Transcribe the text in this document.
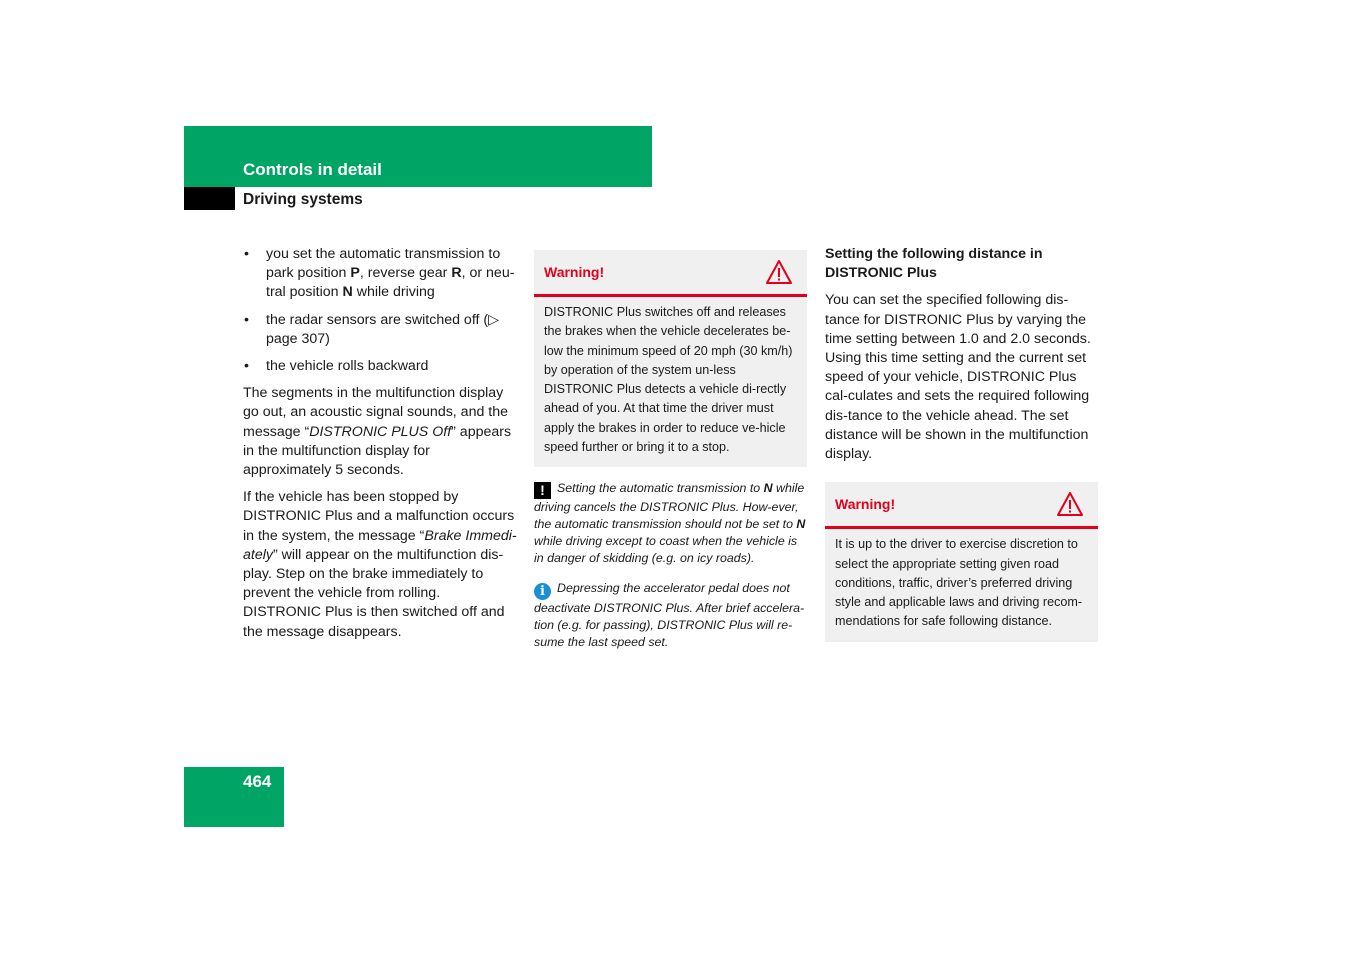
Controls in detail
Driving systems
• you set the automatic transmission to park position P, reverse gear R, or neu-tral position N while driving
• the radar sensors are switched off (▷ page 307)
• the vehicle rolls backward

The segments in the multifunction display go out, an acoustic signal sounds, and the message “DISTRONIC PLUS Off” appears in the multifunction display for approximately 5 seconds.

If the vehicle has been stopped by DISTRONIC Plus and a malfunction occurs in the system, the message “Brake Immedi-ately” will appear on the multifunction dis-play. Step on the brake immediately to prevent the vehicle from rolling. DISTRONIC Plus is then switched off and the message disappears.

Warning!
DISTRONIC Plus switches off and releases the brakes when the vehicle decelerates be-low the minimum speed of 20 mph (30 km/h) by operation of the system un-less DISTRONIC Plus detects a vehicle di-rectly ahead of you. At that time the driver must apply the brakes in order to reduce ve-hicle speed further or bring it to a stop.
! Setting the automatic transmission to N while driving cancels the DISTRONIC Plus. How-ever, the automatic transmission should not be set to N while driving except to coast when the vehicle is in danger of skidding (e.g. on icy roads).
i Depressing the accelerator pedal does not deactivate DISTRONIC Plus. After brief accelera-tion (e.g. for passing), DISTRONIC Plus will re-sume the last speed set.
Setting the following distance in DISTRONIC Plus

You can set the specified following dis-tance for DISTRONIC Plus by varying the time setting between 1.0 and 2.0 seconds. Using this time setting and the current set speed of your vehicle, DISTRONIC Plus cal-culates and sets the required following dis-tance to the vehicle ahead. The set distance will be shown in the multifunction display.

Warning!
It is up to the driver to exercise discretion to select the appropriate setting given road conditions, traffic, driver’s preferred driving style and applicable laws and driving recom-mendations for safe following distance.
464
